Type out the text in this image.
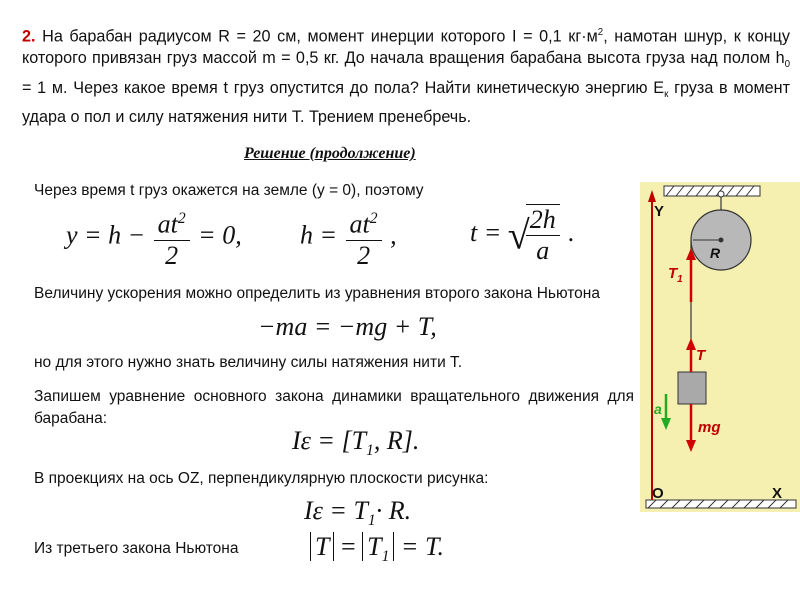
2. На барабан радиусом R = 20 см, момент инерции которого I = 0,1 $кг\cdot м^2$, намотан шнур, к концу которого привязан груз массой m = 0,5 кг. До начала вращения барабана высота груза над полом $h_0 = 1$ м. Через какое время t груз опустится до пола? Найти кинетическую энергию $E_к$ груза в момент удара о пол и силу натяжения нити T. Трением пренебречь.
Решение (продолжение)
Через время t груз окажется на земле (y = 0), поэтому
$y = h - \frac{at^2}{2} = 0$, $h = \frac{at^2}{2}$ ,	t = √
$\frac{2h}{a}$ .
Величину ускорения можно определить из уравнения второго закона Ньютона
−ma = −mg + T,
но для этого нужно знать величину силы натяжения нити T.
Запишем уравнение основного закона динамики вращательного движения для барабана:
$I\varepsilon = [T_1$, R].
В проекциях на ось OZ, перпендикулярную плоскости рисунка:
$I\varepsilon = T_1\cdot R$.
Из третьего закона Ньютона	$T = T_1 = T$.
R
Y
O	X
$T_1$
T
mg
a
